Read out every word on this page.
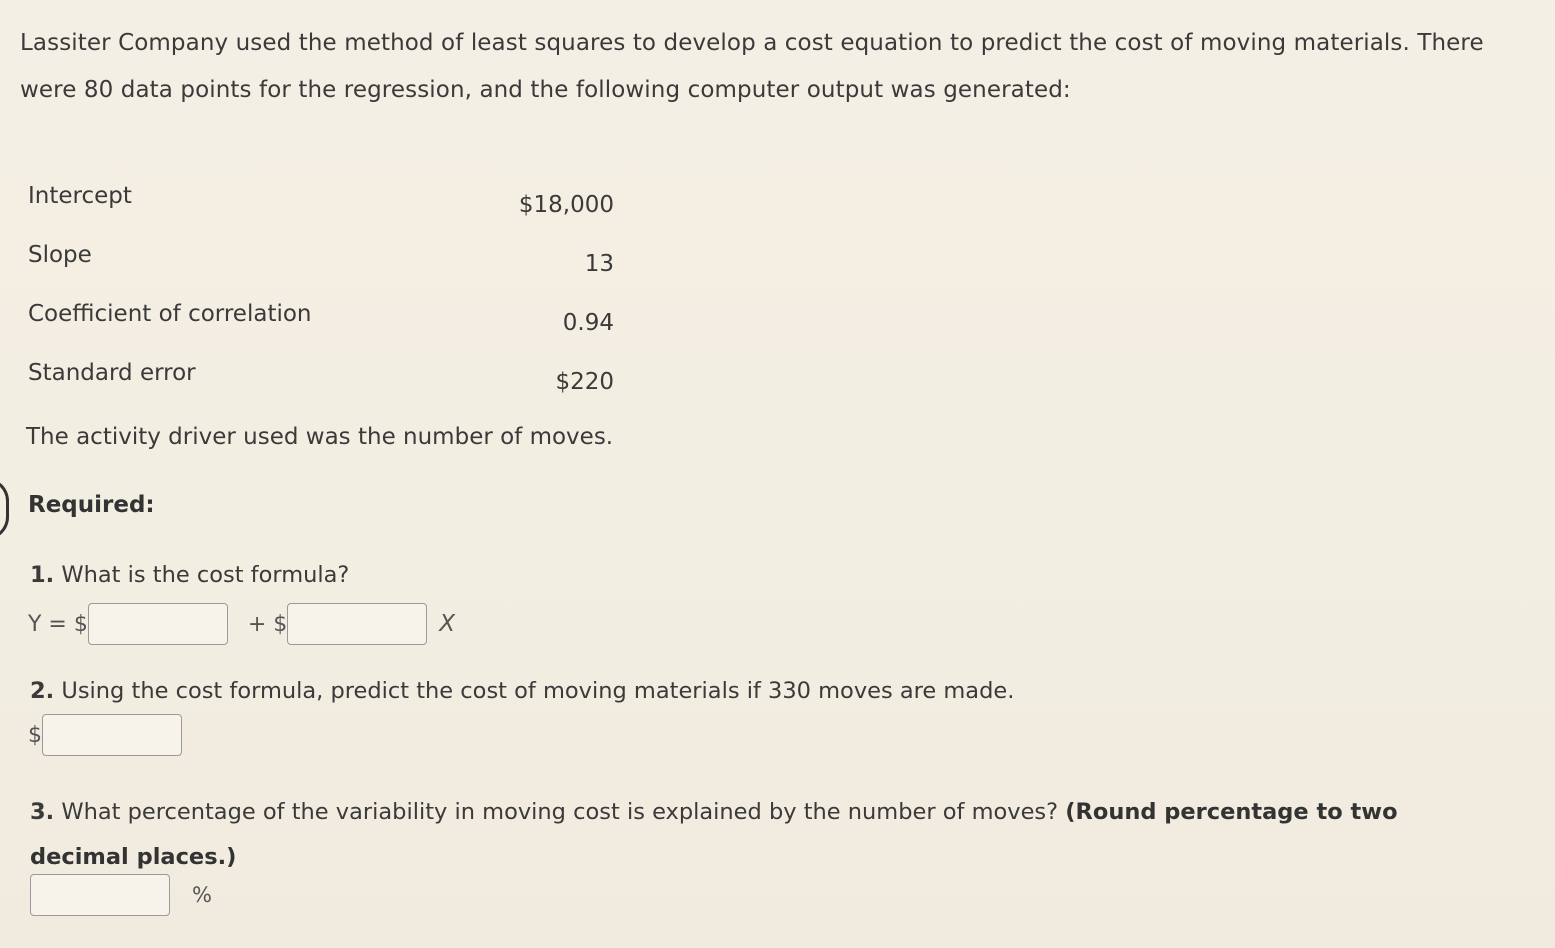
Lassiter Company used the method of least squares to develop a cost equation to predict the cost of moving materials. There were 80 data points for the regression, and the following computer output was generated:
Intercept	$18,000
Slope	13
Coefficient of correlation	0.94
Standard error	$220
The activity driver used was the number of moves.
Required:
1. What is the cost formula?
Y = $	+ $	X
2. Using the cost formula, predict the cost of moving materials if 330 moves are made.
$
3. What percentage of the variability in moving cost is explained by the number of moves? (Round percentage to two decimal places.)
%
